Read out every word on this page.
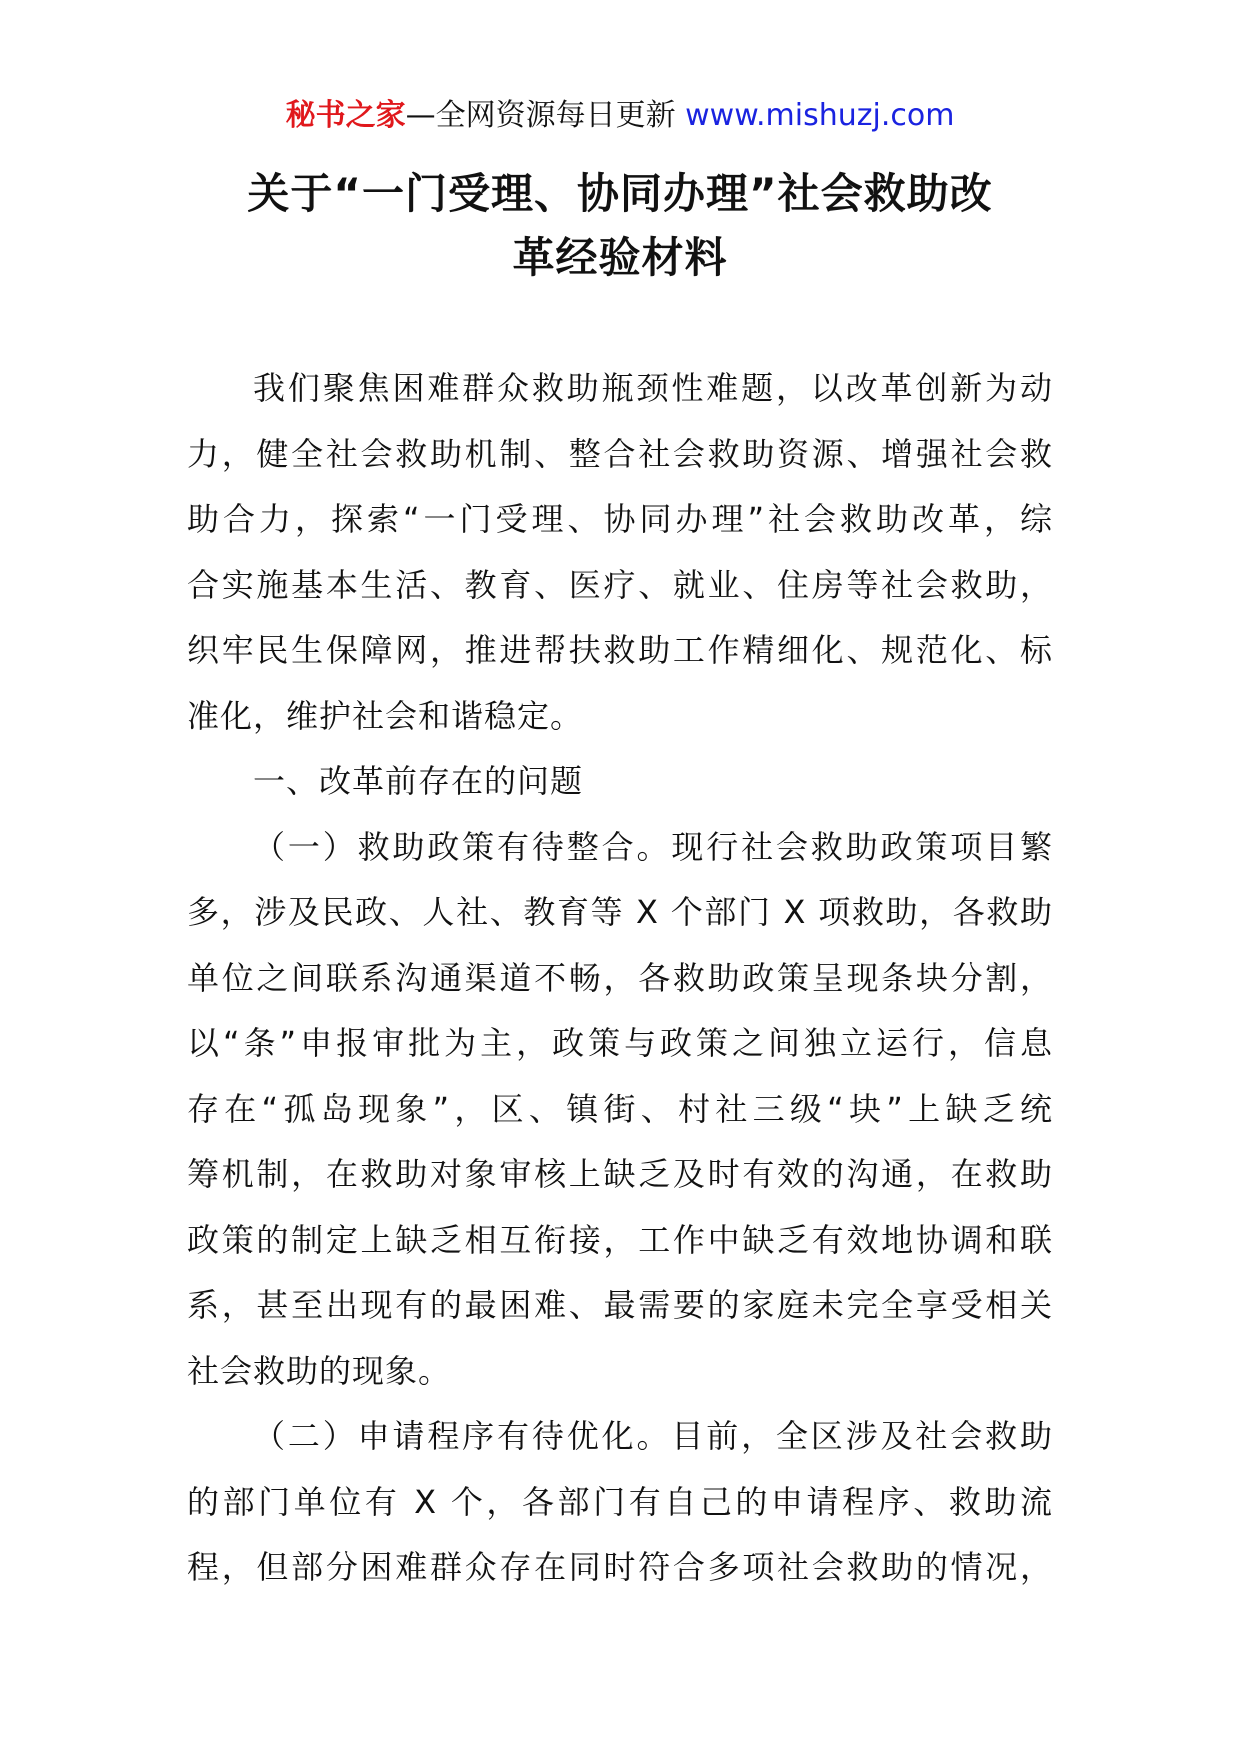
秘书之家—全网资源每日更新 www.mishuzj.com
关于“一门受理、协同办理”社会救助改
革经验材料

我们聚焦困难群众救助瓶颈性难题，以改革创新为动
力，健全社会救助机制、整合社会救助资源、增强社会救
助合力，探索“一门受理、协同办理”社会救助改革，综
合实施基本生活、教育、医疗、就业、住房等社会救助，
织牢民生保障网，推进帮扶救助工作精细化、规范化、标
准化，维护社会和谐稳定。

一、改革前存在的问题

（一）救助政策有待整合。现行社会救助政策项目繁
多，涉及民政、人社、教育等 X 个部门 X 项救助，各救助
单位之间联系沟通渠道不畅，各救助政策呈现条块分割，
以“条”申报审批为主，政策与政策之间独立运行，信息
存在“孤岛现象”，区、镇街、村社三级“块”上缺乏统
筹机制，在救助对象审核上缺乏及时有效的沟通，在救助
政策的制定上缺乏相互衔接，工作中缺乏有效地协调和联
系，甚至出现有的最困难、最需要的家庭未完全享受相关
社会救助的现象。

（二）申请程序有待优化。目前，全区涉及社会救助
的部门单位有 X 个，各部门有自己的申请程序、救助流
程，但部分困难群众存在同时符合多项社会救助的情况，
